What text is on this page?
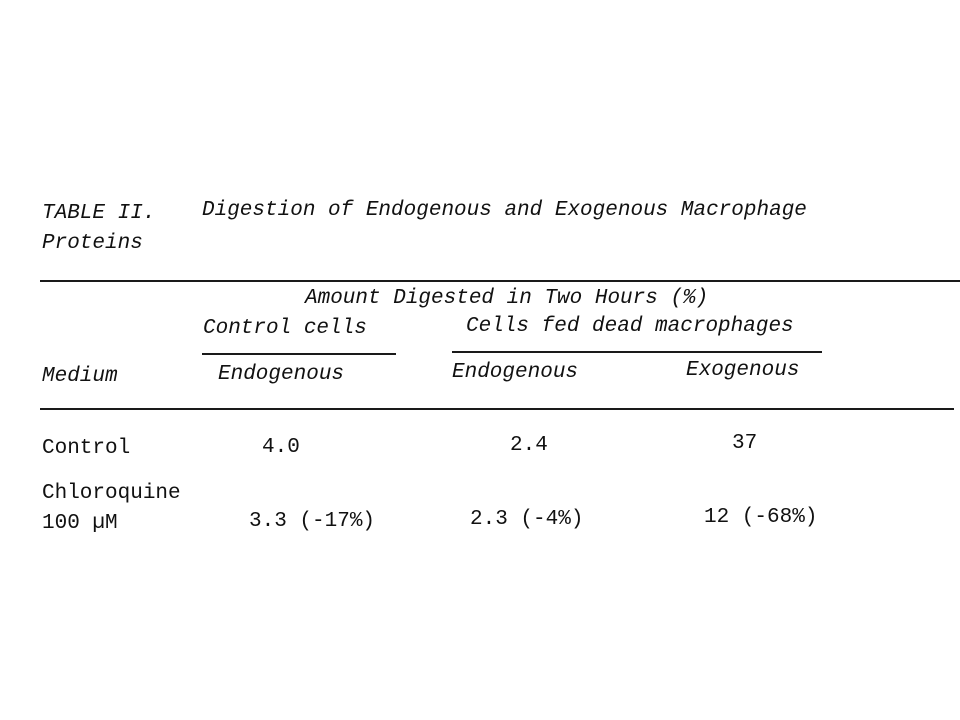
TABLE II. Digestion of Endogenous and Exogenous Macrophage
Proteins
Amount Digested in Two Hours (%)
Control cells	Cells fed dead macrophages
Medium	Endogenous	Endogenous	Exogenous
Control	4.0	2.4	37
Chloroquine
100 µM	3.3 (-17%)	2.3 (-4%)	12 (-68%)
